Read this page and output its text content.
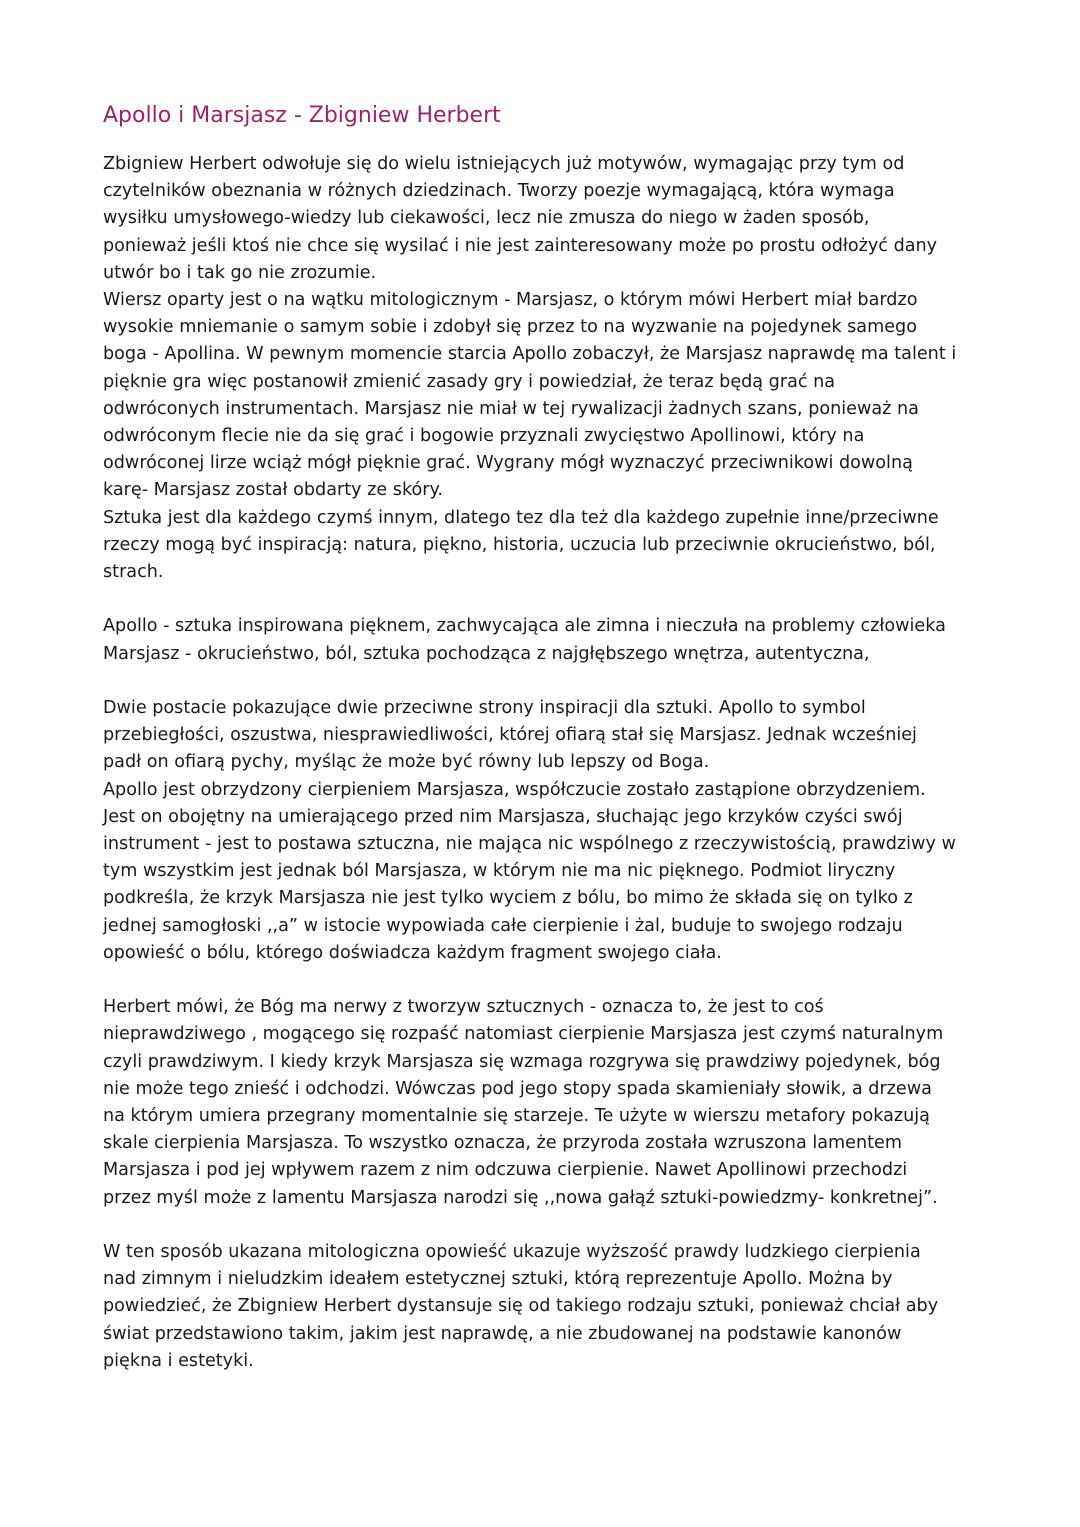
Apollo i Marsjasz - Zbigniew Herbert

Zbigniew Herbert odwołuje się do wielu istniejących już motywów, wymagając przy tym od
czytelników obeznania w różnych dziedzinach. Tworzy poezje wymagającą, która wymaga
wysiłku umysłowego-wiedzy lub ciekawości, lecz nie zmusza do niego w żaden sposób,
ponieważ jeśli ktoś nie chce się wysilać i nie jest zainteresowany może po prostu odłożyć dany
utwór bo i tak go nie zrozumie.

Wiersz oparty jest o na wątku mitologicznym - Marsjasz, o którym mówi Herbert miał bardzo
wysokie mniemanie o samym sobie i zdobył się przez to na wyzwanie na pojedynek samego
boga - Apollina. W pewnym momencie starcia Apollo zobaczył, że Marsjasz naprawdę ma talent i
pięknie gra więc postanowił zmienić zasady gry i powiedział, że teraz będą grać na
odwróconych instrumentach. Marsjasz nie miał w tej rywalizacji żadnych szans, ponieważ na
odwróconym flecie nie da się grać i bogowie przyznali zwycięstwo Apollinowi, który na
odwróconej lirze wciąż mógł pięknie grać. Wygrany mógł wyznaczyć przeciwnikowi dowolną
karę- Marsjasz został obdarty ze skóry.

Sztuka jest dla każdego czymś innym, dlatego tez dla też dla każdego zupełnie inne/przeciwne
rzeczy mogą być inspiracją: natura, piękno, historia, uczucia lub przeciwnie okrucieństwo, ból,
strach.

Apollo - sztuka inspirowana pięknem, zachwycająca ale zimna i nieczuła na problemy człowieka
Marsjasz - okrucieństwo, ból, sztuka pochodząca z najgłębszego wnętrza, autentyczna,

Dwie postacie pokazujące dwie przeciwne strony inspiracji dla sztuki. Apollo to symbol
przebiegłości, oszustwa, niesprawiedliwości, której ofiarą stał się Marsjasz. Jednak wcześniej
padł on ofiarą pychy, myśląc że może być równy lub lepszy od Boga.

Apollo jest obrzydzony cierpieniem Marsjasza, współczucie zostało zastąpione obrzydzeniem.
Jest on obojętny na umierającego przed nim Marsjasza, słuchając jego krzyków czyści swój
instrument - jest to postawa sztuczna, nie mająca nic wspólnego z rzeczywistością, prawdziwy w
tym wszystkim jest jednak ból Marsjasza, w którym nie ma nic pięknego. Podmiot liryczny
podkreśla, że krzyk Marsjasza nie jest tylko wyciem z bólu, bo mimo że składa się on tylko z
jednej samogłoski ,,a” w istocie wypowiada całe cierpienie i żal, buduje to swojego rodzaju
opowieść o bólu, którego doświadcza każdym fragment swojego ciała.

Herbert mówi, że Bóg ma nerwy z tworzyw sztucznych - oznacza to, że jest to coś
nieprawdziwego , mogącego się rozpaść natomiast cierpienie Marsjasza jest czymś naturalnym
czyli prawdziwym. I kiedy krzyk Marsjasza się wzmaga rozgrywa się prawdziwy pojedynek, bóg
nie może tego znieść i odchodzi. Wówczas pod jego stopy spada skamieniały słowik, a drzewa
na którym umiera przegrany momentalnie się starzeje. Te użyte w wierszu metafory pokazują
skale cierpienia Marsjasza. To wszystko oznacza, że przyroda została wzruszona lamentem
Marsjasza i pod jej wpływem razem z nim odczuwa cierpienie. Nawet Apollinowi przechodzi
przez myśl może z lamentu Marsjasza narodzi się ,,nowa gałąź sztuki-powiedzmy- konkretnej”.

W ten sposób ukazana mitologiczna opowieść ukazuje wyższość prawdy ludzkiego cierpienia
nad zimnym i nieludzkim ideałem estetycznej sztuki, którą reprezentuje Apollo. Można by
powiedzieć, że Zbigniew Herbert dystansuje się od takiego rodzaju sztuki, ponieważ chciał aby
świat przedstawiono takim, jakim jest naprawdę, a nie zbudowanej na podstawie kanonów
piękna i estetyki.
